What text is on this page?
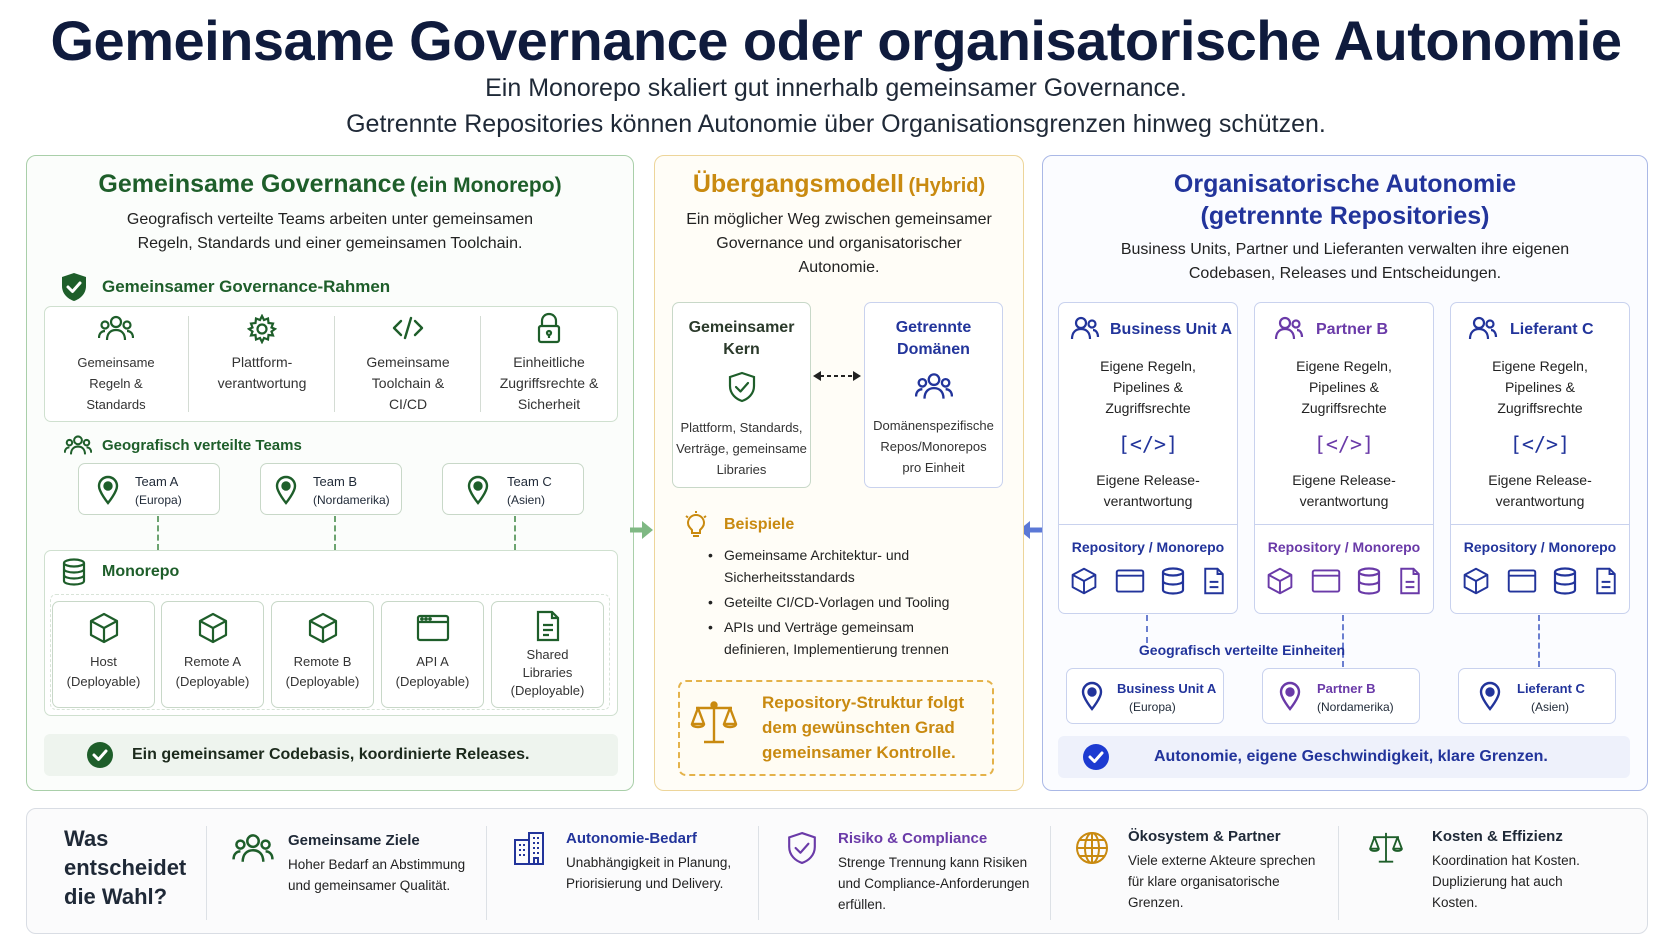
Gemeinsame Governance oder organisatorische Autonomie
Ein Monorepo skaliert gut innerhalb gemeinsamer Governance.
Getrennte Repositories können Autonomie über Organisationsgrenzen hinweg schützen.
Gemeinsame Governance (ein Monorepo)
Geografisch verteilte Teams arbeiten unter gemeinsamen
Regeln, Standards und einer gemeinsamen Toolchain.
Gemeinsamer Governance-Rahmen
Gemeinsame
Regeln &
Standards
Plattform-
verantwortung
Gemeinsame
Toolchain &
CI/CD
Einheitliche
Zugriffsrechte &
Sicherheit
Geografisch verteilte Teams
Team A
(Europa)
Team B
(Nordamerika)
Team C
(Asien)
Monorepo
Host
(Deployable)
Remote A
(Deployable)
Remote B
(Deployable)
API A
(Deployable)
Shared
Libraries
(Deployable)
Ein gemeinsamer Codebasis, koordinierte Releases.
Übergangsmodell (Hybrid)
Ein möglicher Weg zwischen gemeinsamer
Governance und organisatorischer
Autonomie.
Gemeinsamer
Kern
Plattform, Standards,
Verträge, gemeinsame
Libraries
Getrennte
Domänen
Domänenspezifische
Repos/Monorepos
pro Einheit
Beispiele
• Gemeinsame Architektur- und
Sicherheitsstandards
• Geteilte CI/CD-Vorlagen und Tooling
• APIs und Verträge gemeinsam
definieren, Implementierung trennen
Repository-Struktur folgt
dem gewünschten Grad
gemeinsamer Kontrolle.
Organisatorische Autonomie
(getrennte Repositories)
Business Units, Partner und Lieferanten verwalten ihre eigenen
Codebasen, Releases und Entscheidungen.
Business Unit A
Eigene Regeln,
Pipelines &
Zugriffsrechte
[</>]
Eigene Release-
verantwortung
Repository / Monorepo
Partner B
Eigene Regeln,
Pipelines &
Zugriffsrechte
[</>]
Eigene Release-
verantwortung
Repository / Monorepo
Lieferant C
Eigene Regeln,
Pipelines &
Zugriffsrechte
[</>]
Eigene Release-
verantwortung
Repository / Monorepo
Geografisch verteilte Einheiten
Business Unit A
(Europa)
Partner B
(Nordamerika)
Lieferant C
(Asien)
Autonomie, eigene Geschwindigkeit, klare Grenzen.
Was
entscheidet
die Wahl?
Gemeinsame Ziele
Hoher Bedarf an Abstimmung
und gemeinsamer Qualität.
Autonomie-Bedarf
Unabhängigkeit in Planung,
Priorisierung und Delivery.
Risiko & Compliance
Strenge Trennung kann Risiken
und Compliance-Anforderungen
erfüllen.
Ökosystem & Partner
Viele externe Akteure sprechen
für klare organisatorische
Grenzen.
Kosten & Effizienz
Koordination hat Kosten.
Duplizierung hat auch
Kosten.
